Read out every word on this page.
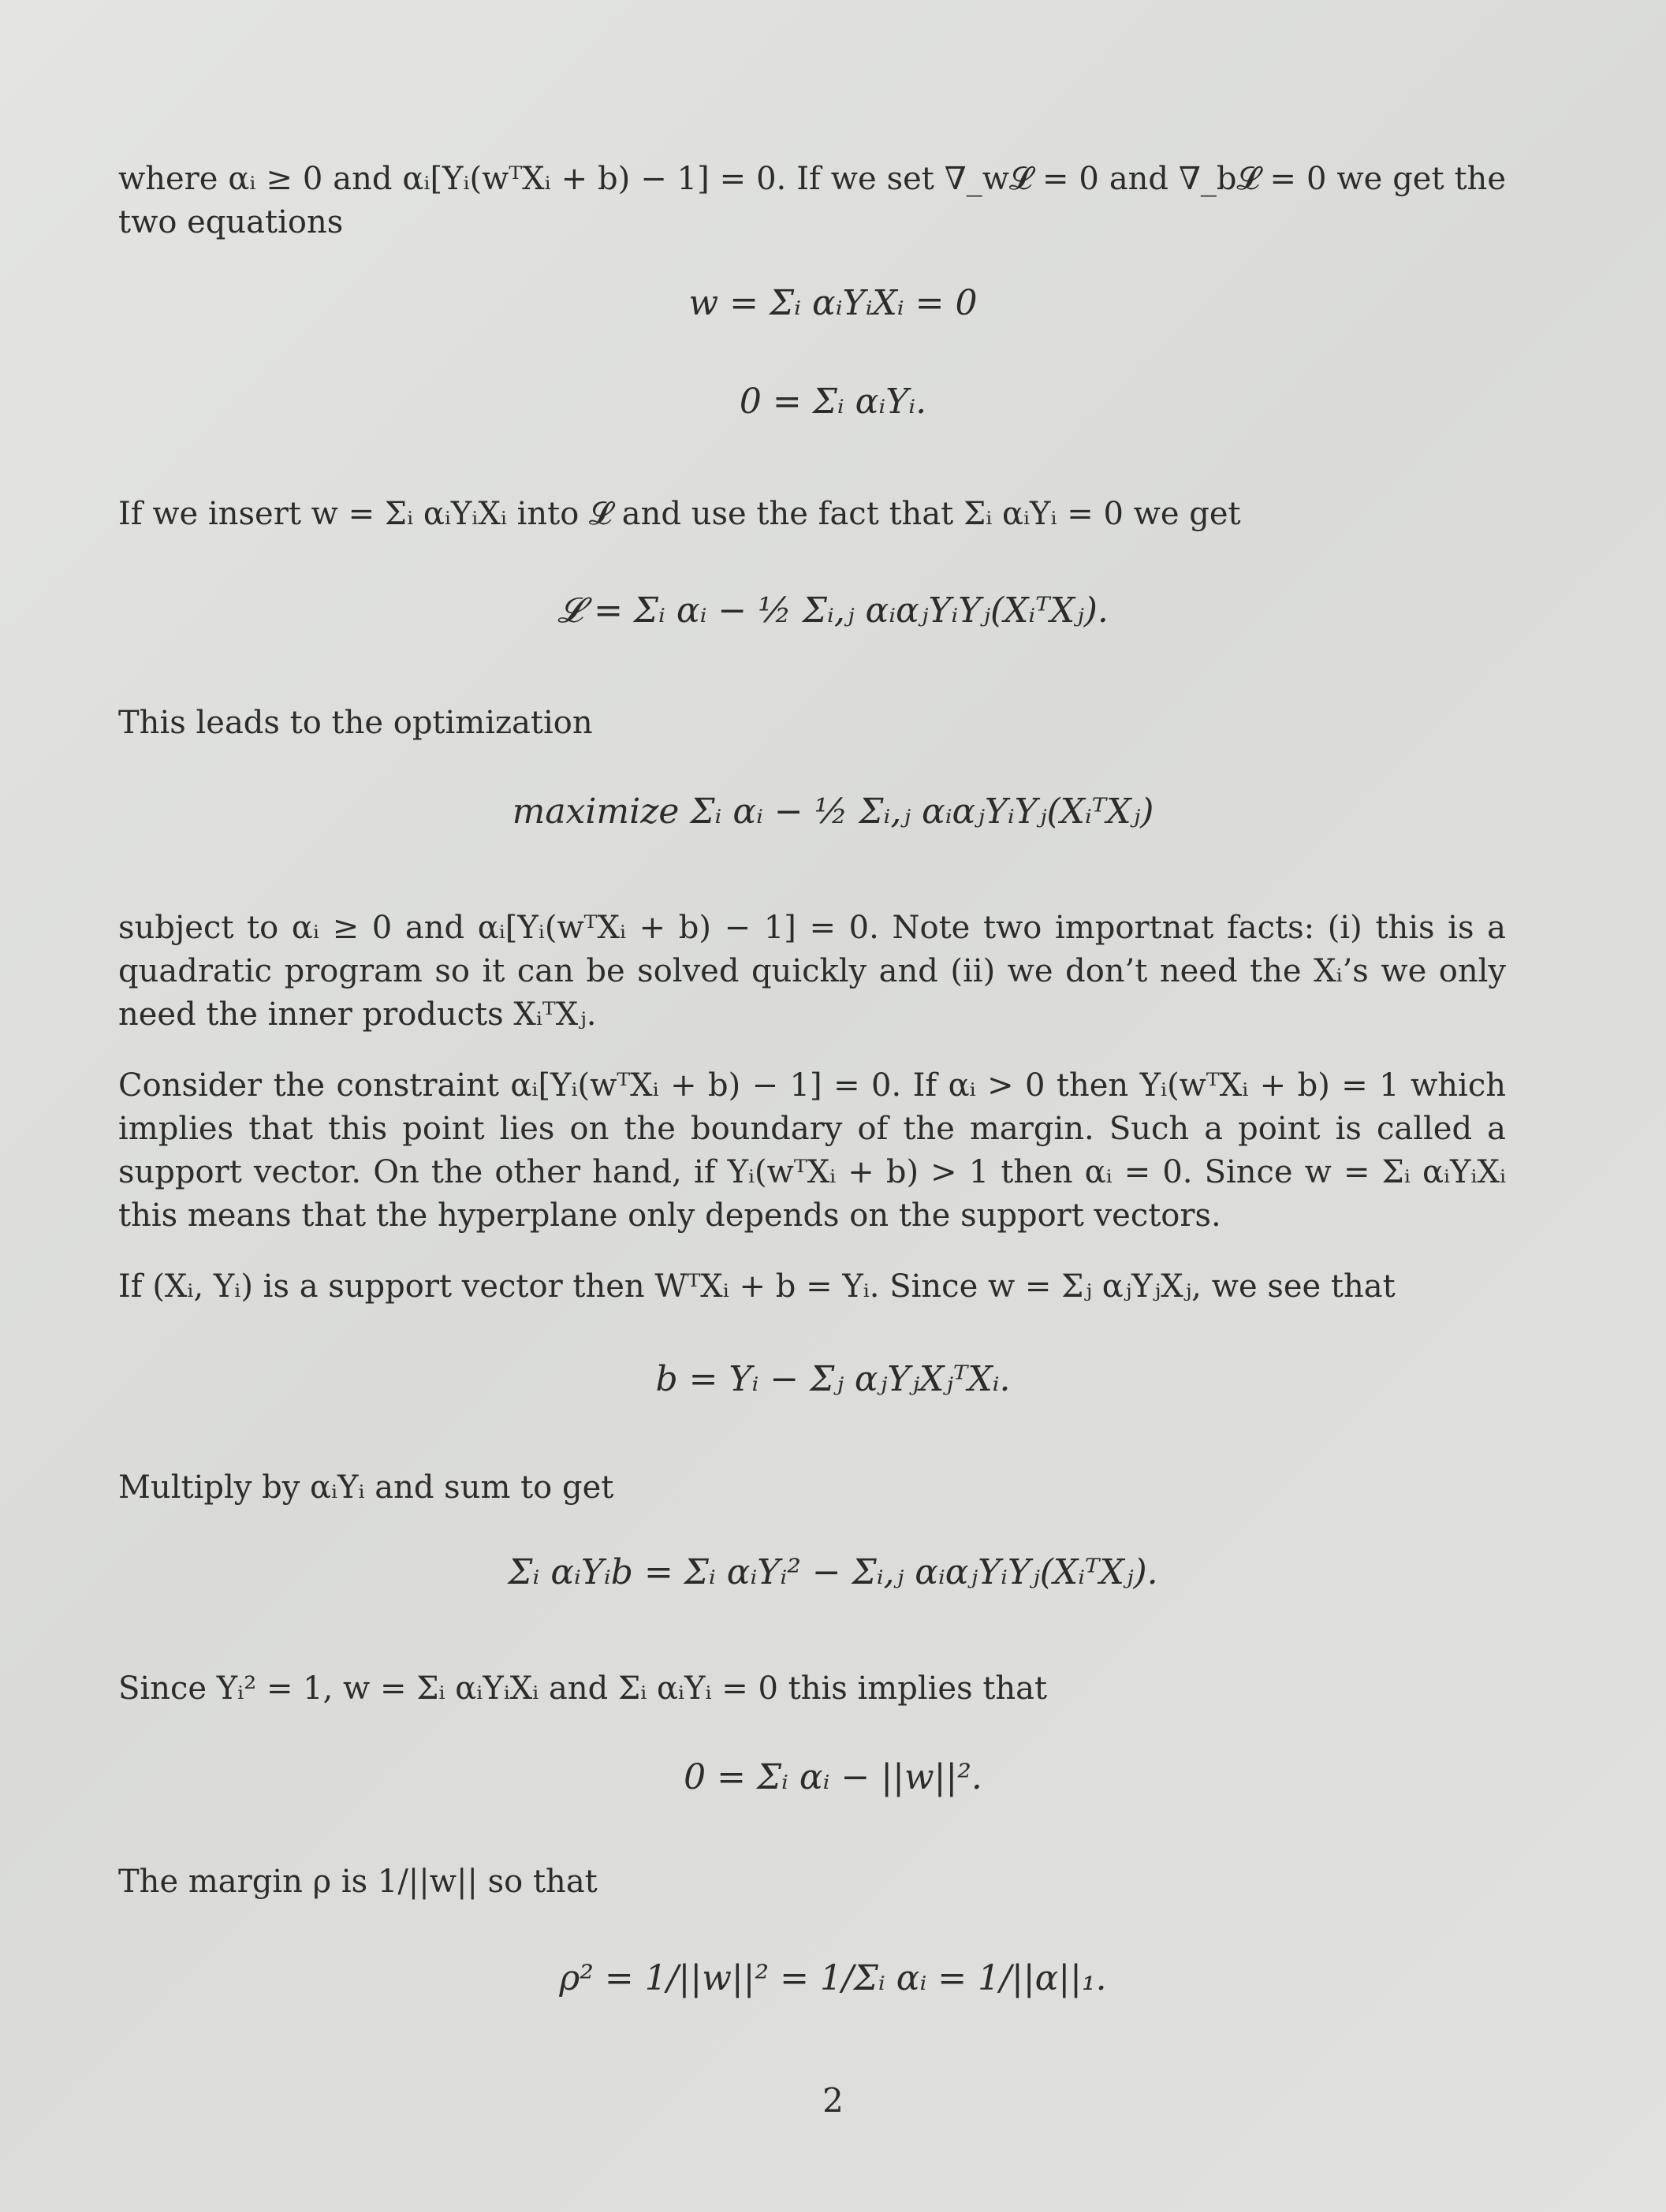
where αᵢ ≥ 0 and αᵢ[Yᵢ(wᵀXᵢ + b) − 1] = 0. If we set ∇_w𝓛 = 0 and ∇_b𝓛 = 0 we get the two equations
w = Σᵢ αᵢYᵢXᵢ = 0
0 = Σᵢ αᵢYᵢ.
If we insert w = Σᵢ αᵢYᵢXᵢ into 𝓛 and use the fact that Σᵢ αᵢYᵢ = 0 we get
𝓛 = Σᵢ αᵢ − ½ Σᵢ,ⱼ αᵢαⱼYᵢYⱼ(XᵢᵀXⱼ).
This leads to the optimization
maximize Σᵢ αᵢ − ½ Σᵢ,ⱼ αᵢαⱼYᵢYⱼ(XᵢᵀXⱼ)
subject to αᵢ ≥ 0 and αᵢ[Yᵢ(wᵀXᵢ + b) − 1] = 0. Note two importnat facts: (i) this is a quadratic program so it can be solved quickly and (ii) we don’t need the Xᵢ’s we only need the inner products XᵢᵀXⱼ.
Consider the constraint αᵢ[Yᵢ(wᵀXᵢ + b) − 1] = 0. If αᵢ > 0 then Yᵢ(wᵀXᵢ + b) = 1 which implies that this point lies on the boundary of the margin. Such a point is called a support vector. On the other hand, if Yᵢ(wᵀXᵢ + b) > 1 then αᵢ = 0. Since w = Σᵢ αᵢYᵢXᵢ this means that the hyperplane only depends on the support vectors.
If (Xᵢ, Yᵢ) is a support vector then WᵀXᵢ + b = Yᵢ. Since w = Σⱼ αⱼYⱼXⱼ, we see that
b = Yᵢ − Σⱼ αⱼYⱼXⱼᵀXᵢ.
Multiply by αᵢYᵢ and sum to get
Σᵢ αᵢYᵢb = Σᵢ αᵢYᵢ² − Σᵢ,ⱼ αᵢαⱼYᵢYⱼ(XᵢᵀXⱼ).
Since Yᵢ² = 1, w = Σᵢ αᵢYᵢXᵢ and Σᵢ αᵢYᵢ = 0 this implies that
0 = Σᵢ αᵢ − ||w||².
The margin ρ is 1/||w|| so that
ρ² = 1/||w||² = 1/Σᵢ αᵢ = 1/||α||₁.
2
